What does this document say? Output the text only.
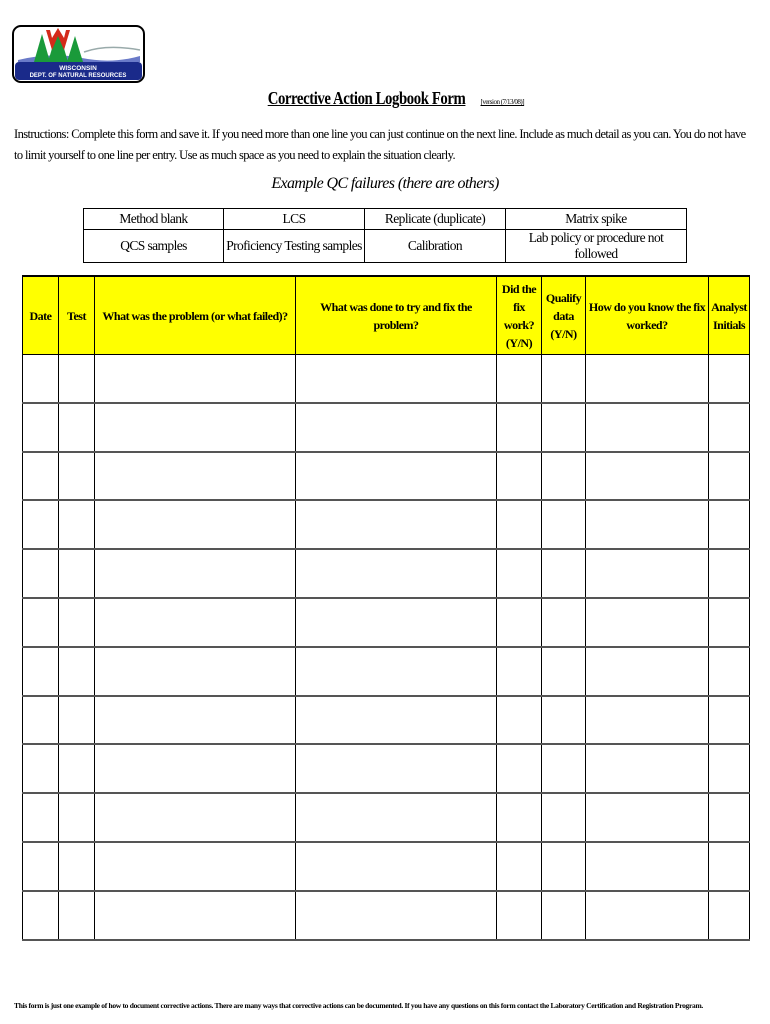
WISCONSIN
DEPT. OF NATURAL RESOURCES
Corrective Action Logbook Form [version (7/13/08)]
Instructions: Complete this form and save it. If you need more than one line you can just continue on the next line. Include as much detail as you can. You do not have to limit yourself to one line per entry. Use as much space as you need to explain the situation clearly.
Example QC failures (there are others)
Method blank	LCS	Replicate (duplicate)	Matrix spike
QCS samples	Proficiency Testing samples	Calibration	Lab policy or procedure not followed
Date	Test	What was the problem (or what failed)?	What was done to try and fix the problem?	Did the fix work? (Y/N)	Qualify data (Y/N)	How do you know the fix worked?	Analyst Initials

This form is just one example of how to document corrective actions. There are many ways that corrective actions can be documented. If you have any questions on this form contact the Laboratory Certification and Registration Program.
